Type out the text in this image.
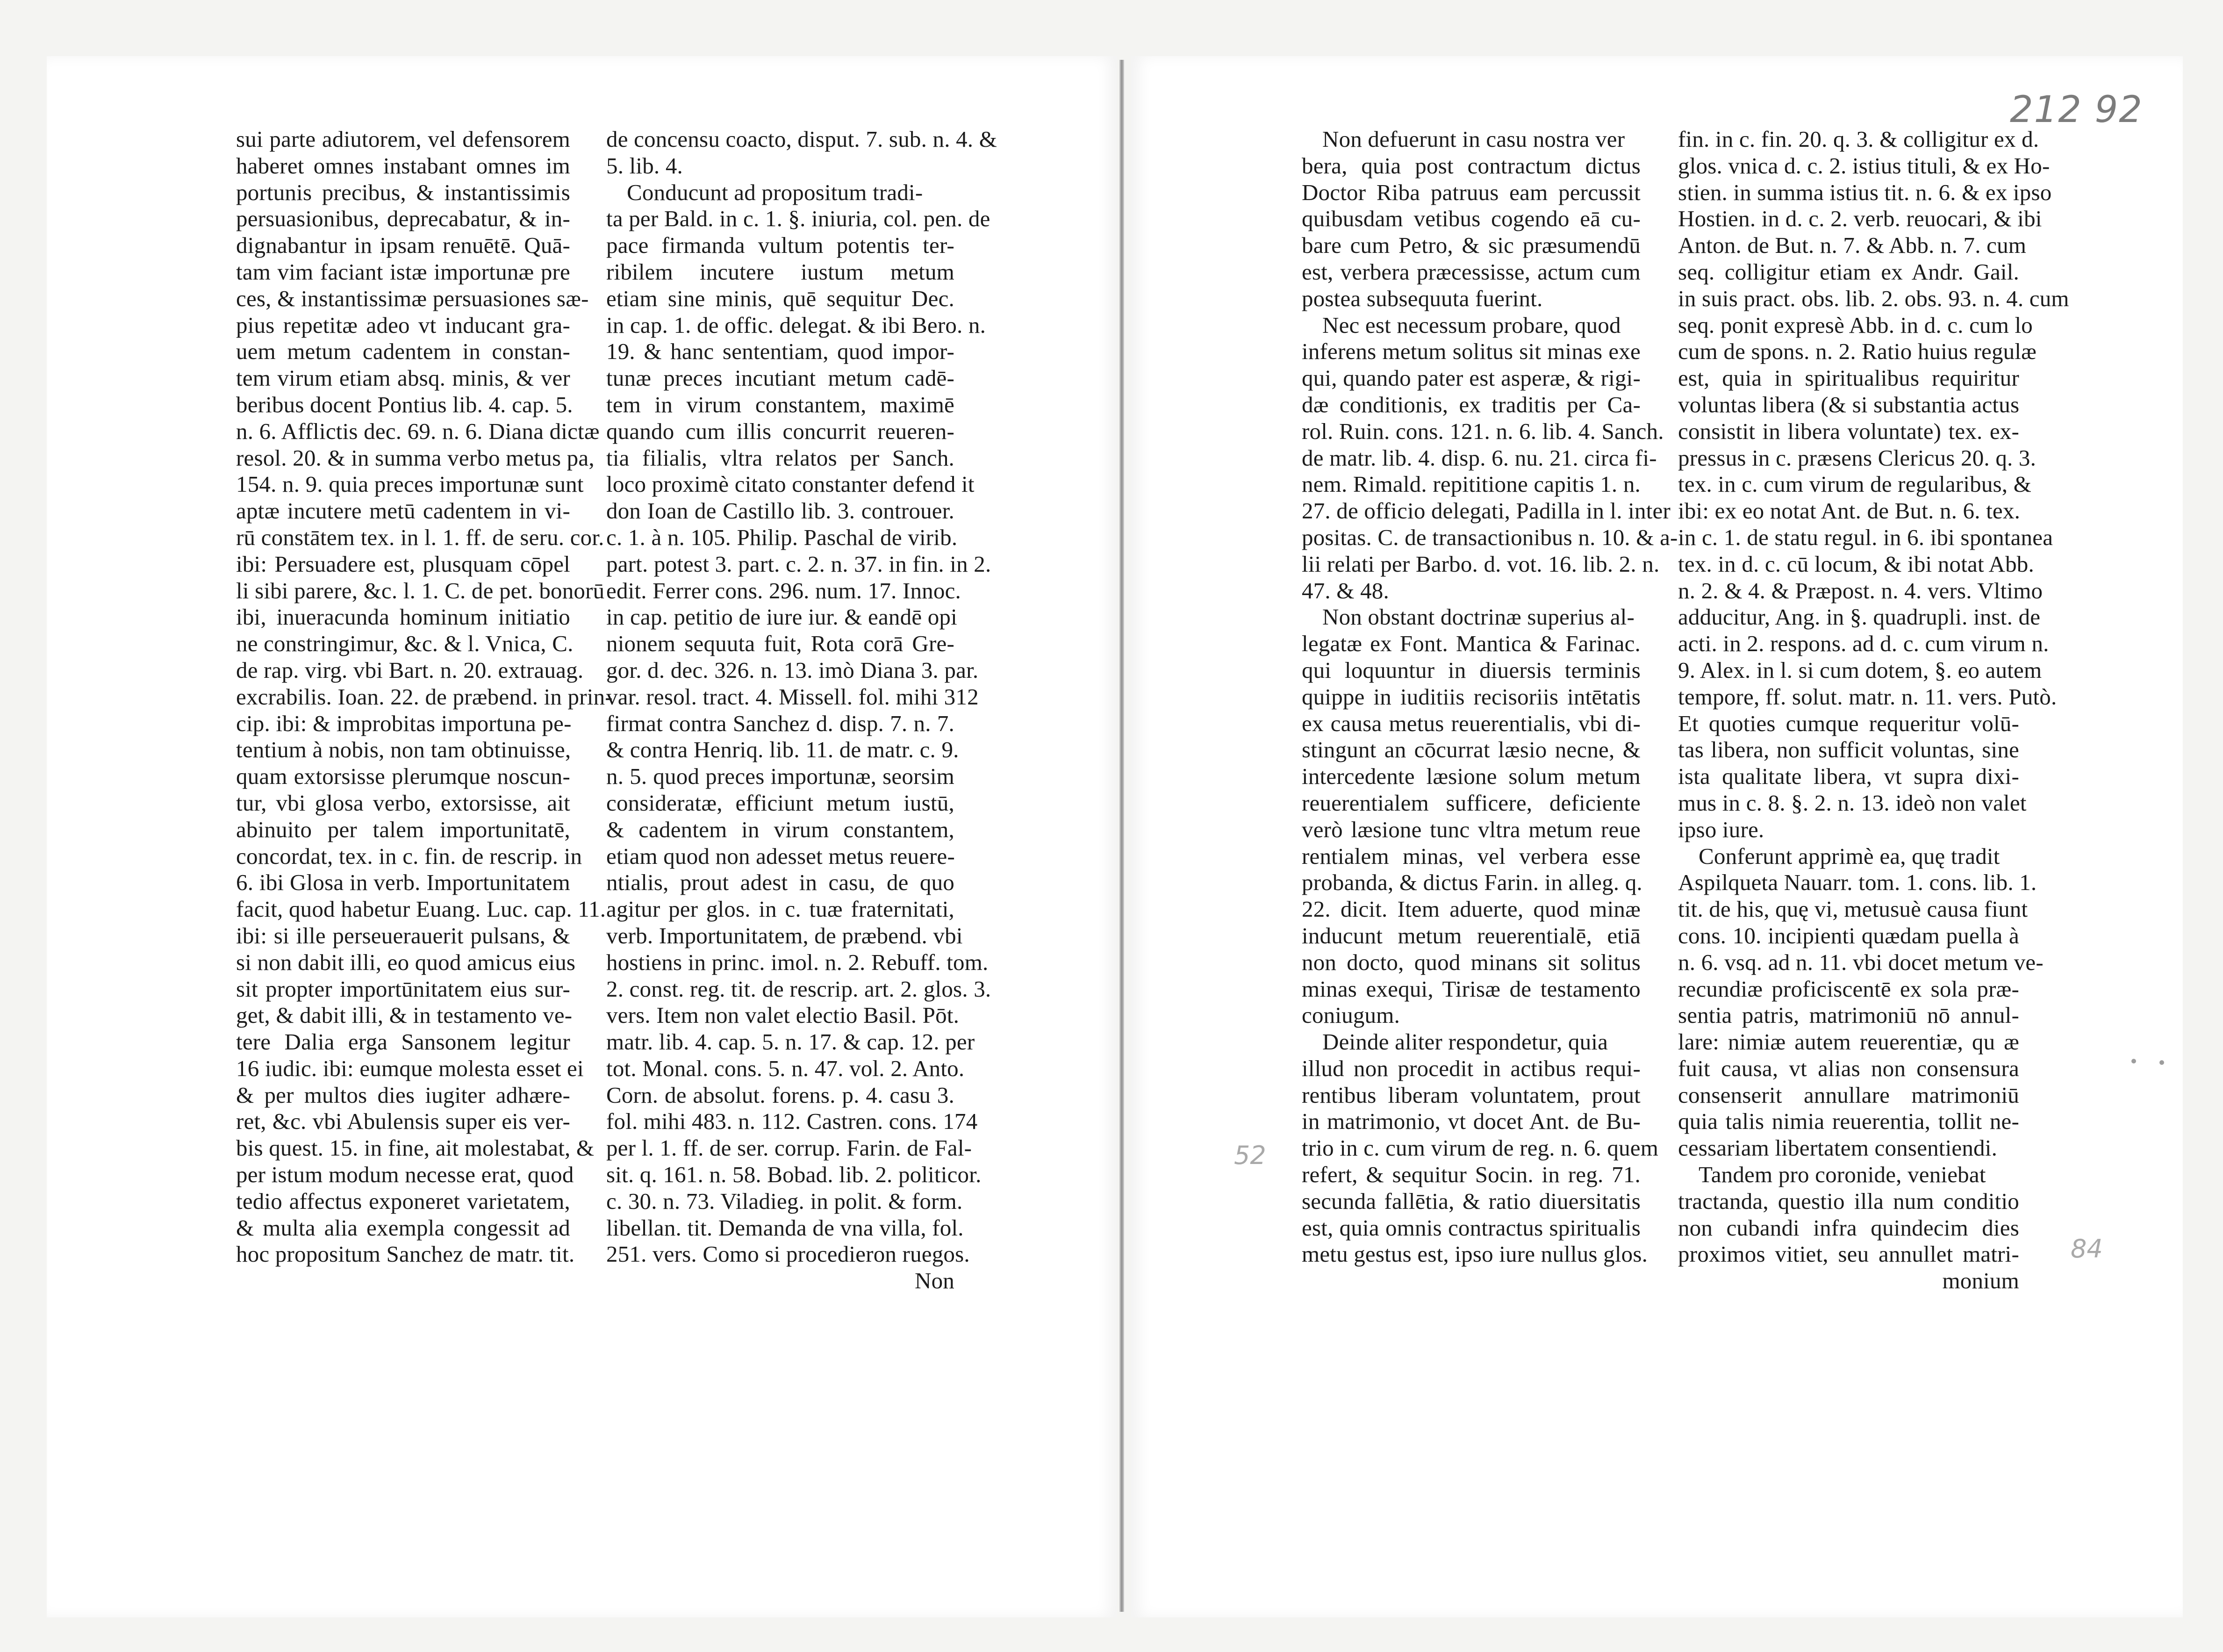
212 92
52
84
sui parte adiutorem, vel defensorem
haberet omnes instabant omnes im
portunis precibus, & instantissimis
persuasionibus, deprecabatur, & in-
dignabantur in ipsam renuētē. Quā-
tam vim faciant istæ importunæ pre
ces, & instantissimæ persuasiones sæ-
pius repetitæ adeo vt inducant gra-
uem metum cadentem in constan-
tem virum etiam absq. minis, & ver
beribus docent Pontius lib. 4. cap. 5.
n. 6. Afflictis dec. 69. n. 6. Diana dictæ
resol. 20. & in summa verbo metus pa,
154. n. 9. quia preces importunæ sunt
aptæ incutere metū cadentem in vi-
rū constātem tex. in l. 1. ff. de seru. cor.
ibi: Persuadere est, plusquam cōpel
li sibi parere, &c. l. 1. C. de pet. bonorū
ibi, inueracunda hominum initiatio
ne constringimur, &c. & l. Vnica, C.
de rap. virg. vbi Bart. n. 20. extrauag.
excrabilis. Ioan. 22. de præbend. in prin-
cip. ibi: & improbitas importuna pe-
tentium à nobis, non tam obtinuisse,
quam extorsisse plerumque noscun-
tur, vbi glosa verbo, extorsisse, ait
abinuito per talem importunitatē,
concordat, tex. in c. fin. de rescrip. in
6. ibi Glosa in verb. Importunitatem
facit, quod habetur Euang. Luc. cap. 11.
ibi: si ille perseuerauerit pulsans, &
si non dabit illi, eo quod amicus eius
sit propter importūnitatem eius sur-
get, & dabit illi, & in testamento ve-
tere Dalia erga Sansonem legitur
16 iudic. ibi: eumque molesta esset ei
& per multos dies iugiter adhære-
ret, &c. vbi Abulensis super eis ver-
bis quest. 15. in fine, ait molestabat, &
per istum modum necesse erat, quod
tedio affectus exponeret varietatem,
& multa alia exempla congessit ad
hoc propositum Sanchez de matr. tit.
de concensu coacto, disput. 7. sub. n. 4. &
5. lib. 4.
Conducunt ad propositum tradi-
ta per Bald. in c. 1. §. iniuria, col. pen. de
pace firmanda vultum potentis ter-
ribilem incutere iustum metum
etiam sine minis, quē sequitur Dec.
in cap. 1. de offic. delegat. & ibi Bero. n.
19. & hanc sententiam, quod impor-
tunæ preces incutiant metum cadē-
tem in virum constantem, maximē
quando cum illis concurrit reueren-
tia filialis, vltra relatos per Sanch.
loco proximè citato constanter defend it
don Ioan de Castillo lib. 3. controuer.
c. 1. à n. 105. Philip. Paschal de virib.
part. potest 3. part. c. 2. n. 37. in fin. in 2.
edit. Ferrer cons. 296. num. 17. Innoc.
in cap. petitio de iure iur. & eandē opi
nionem sequuta fuit, Rota corā Gre-
gor. d. dec. 326. n. 13. imò Diana 3. par.
var. resol. tract. 4. Missell. fol. mihi 312
firmat contra Sanchez d. disp. 7. n. 7.
& contra Henriq. lib. 11. de matr. c. 9.
n. 5. quod preces importunæ, seorsim
consideratæ, efficiunt metum iustū,
& cadentem in virum constantem,
etiam quod non adesset metus reuere-
ntialis, prout adest in casu, de quo
agitur per glos. in c. tuæ fraternitati,
verb. Importunitatem, de præbend. vbi
hostiens in princ. imol. n. 2. Rebuff. tom.
2. const. reg. tit. de rescrip. art. 2. glos. 3.
vers. Item non valet electio Basil. Pōt.
matr. lib. 4. cap. 5. n. 17. & cap. 12. per
tot. Monal. cons. 5. n. 47. vol. 2. Anto.
Corn. de absolut. forens. p. 4. casu 3.
fol. mihi 483. n. 112. Castren. cons. 174
per l. 1. ff. de ser. corrup. Farin. de Fal-
sit. q. 161. n. 58. Bobad. lib. 2. politicor.
c. 30. n. 73. Viladieg. in polit. & form.
libellan. tit. Demanda de vna villa, fol.
251. vers. Como si procedieron ruegos.
Non
Non defuerunt in casu nostra ver
bera, quia post contractum dictus
Doctor Riba patruus eam percussit
quibusdam vetibus cogendo eā cu-
bare cum Petro, & sic præsumendū
est, verbera præcessisse, actum cum
postea subsequuta fuerint.
Nec est necessum probare, quod
inferens metum solitus sit minas exe
qui, quando pater est asperæ, & rigi-
dæ conditionis, ex traditis per Ca-
rol. Ruin. cons. 121. n. 6. lib. 4. Sanch.
de matr. lib. 4. disp. 6. nu. 21. circa fi-
nem. Rimald. repititione capitis 1. n.
27. de officio delegati, Padilla in l. inter
positas. C. de transactionibus n. 10. & a-
lii relati per Barbo. d. vot. 16. lib. 2. n.
47. & 48.
Non obstant doctrinæ superius al-
legatæ ex Font. Mantica & Farinac.
qui loquuntur in diuersis terminis
quippe in iuditiis recisoriis intētatis
ex causa metus reuerentialis, vbi di-
stingunt an cōcurrat læsio necne, &
intercedente læsione solum metum
reuerentialem sufficere, deficiente
verò læsione tunc vltra metum reue
rentialem minas, vel verbera esse
probanda, & dictus Farin. in alleg. q.
22. dicit. Item aduerte, quod minæ
inducunt metum reuerentialē, etiā
non docto, quod minans sit solitus
minas exequi, Tirisæ de testamento
coniugum.
Deinde aliter respondetur, quia
illud non procedit in actibus requi-
rentibus liberam voluntatem, prout
in matrimonio, vt docet Ant. de Bu-
trio in c. cum virum de reg. n. 6. quem
refert, & sequitur Socin. in reg. 71.
secunda fallētia, & ratio diuersitatis
est, quia omnis contractus spiritualis
metu gestus est, ipso iure nullus glos.
fin. in c. fin. 20. q. 3. & colligitur ex d.
glos. vnica d. c. 2. istius tituli, & ex Ho-
stien. in summa istius tit. n. 6. & ex ipso
Hostien. in d. c. 2. verb. reuocari, & ibi
Anton. de But. n. 7. & Abb. n. 7. cum
seq. colligitur etiam ex Andr. Gail.
in suis pract. obs. lib. 2. obs. 93. n. 4. cum
seq. ponit expresè Abb. in d. c. cum lo
cum de spons. n. 2. Ratio huius regulæ
est, quia in spiritualibus requiritur
voluntas libera (& si substantia actus
consistit in libera voluntate) tex. ex-
pressus in c. præsens Clericus 20. q. 3.
tex. in c. cum virum de regularibus, &
ibi: ex eo notat Ant. de But. n. 6. tex.
in c. 1. de statu regul. in 6. ibi spontanea
tex. in d. c. cū locum, & ibi notat Abb.
n. 2. & 4. & Præpost. n. 4. vers. Vltimo
adducitur, Ang. in §. quadrupli. inst. de
acti. in 2. respons. ad d. c. cum virum n.
9. Alex. in l. si cum dotem, §. eo autem
tempore, ff. solut. matr. n. 11. vers. Putò.
Et quoties cumque requeritur volū-
tas libera, non sufficit voluntas, sine
ista qualitate libera, vt supra dixi-
mus in c. 8. §. 2. n. 13. ideò non valet
ipso iure.
Conferunt apprimè ea, quę tradit
Aspilqueta Nauarr. tom. 1. cons. lib. 1.
tit. de his, quę vi, metusuè causa fiunt
cons. 10. incipienti quædam puella à
n. 6. vsq. ad n. 11. vbi docet metum ve-
recundiæ proficiscentē ex sola præ-
sentia patris, matrimoniū nō annul-
lare: nimiæ autem reuerentiæ, qu æ
fuit causa, vt alias non consensura
consenserit annullare matrimoniū
quia talis nimia reuerentia, tollit ne-
cessariam libertatem consentiendi.
Tandem pro coronide, veniebat
tractanda, questio illa num conditio
non cubandi infra quindecim dies
proximos vitiet, seu annullet matri-
monium
